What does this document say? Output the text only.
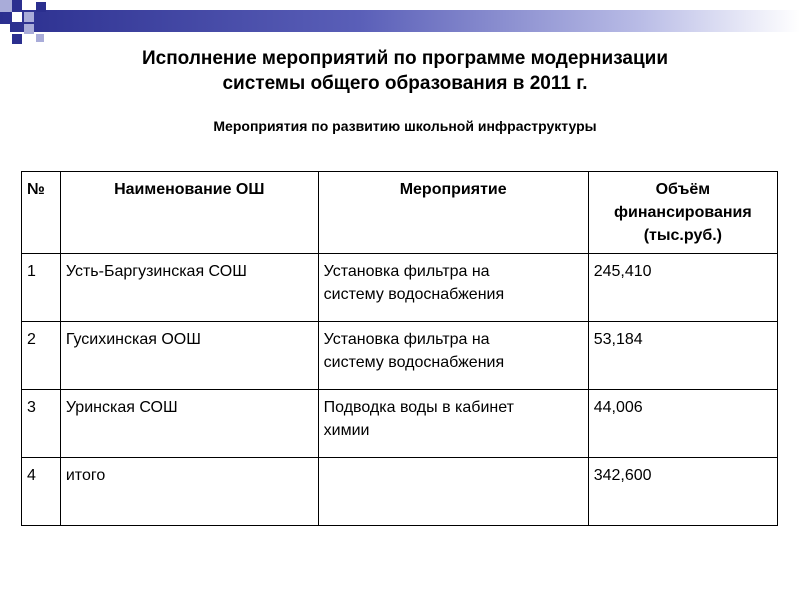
Исполнение мероприятий по программе модернизации
системы общего образования в 2011 г.
Мероприятия по развитию школьной инфраструктуры
№	Наименование ОШ	Мероприятие	Объём
финансирования
(тыс.руб.)

1	Усть-Баргузинская СОШ	Установка фильтра на
систему водоснабжения	245,410
2	Гусихинская ООШ	Установка фильтра на
систему водоснабжения	53,184
3	Уринская СОШ	Подводка воды в кабинет
химии	44,006
4	итого		342,600
